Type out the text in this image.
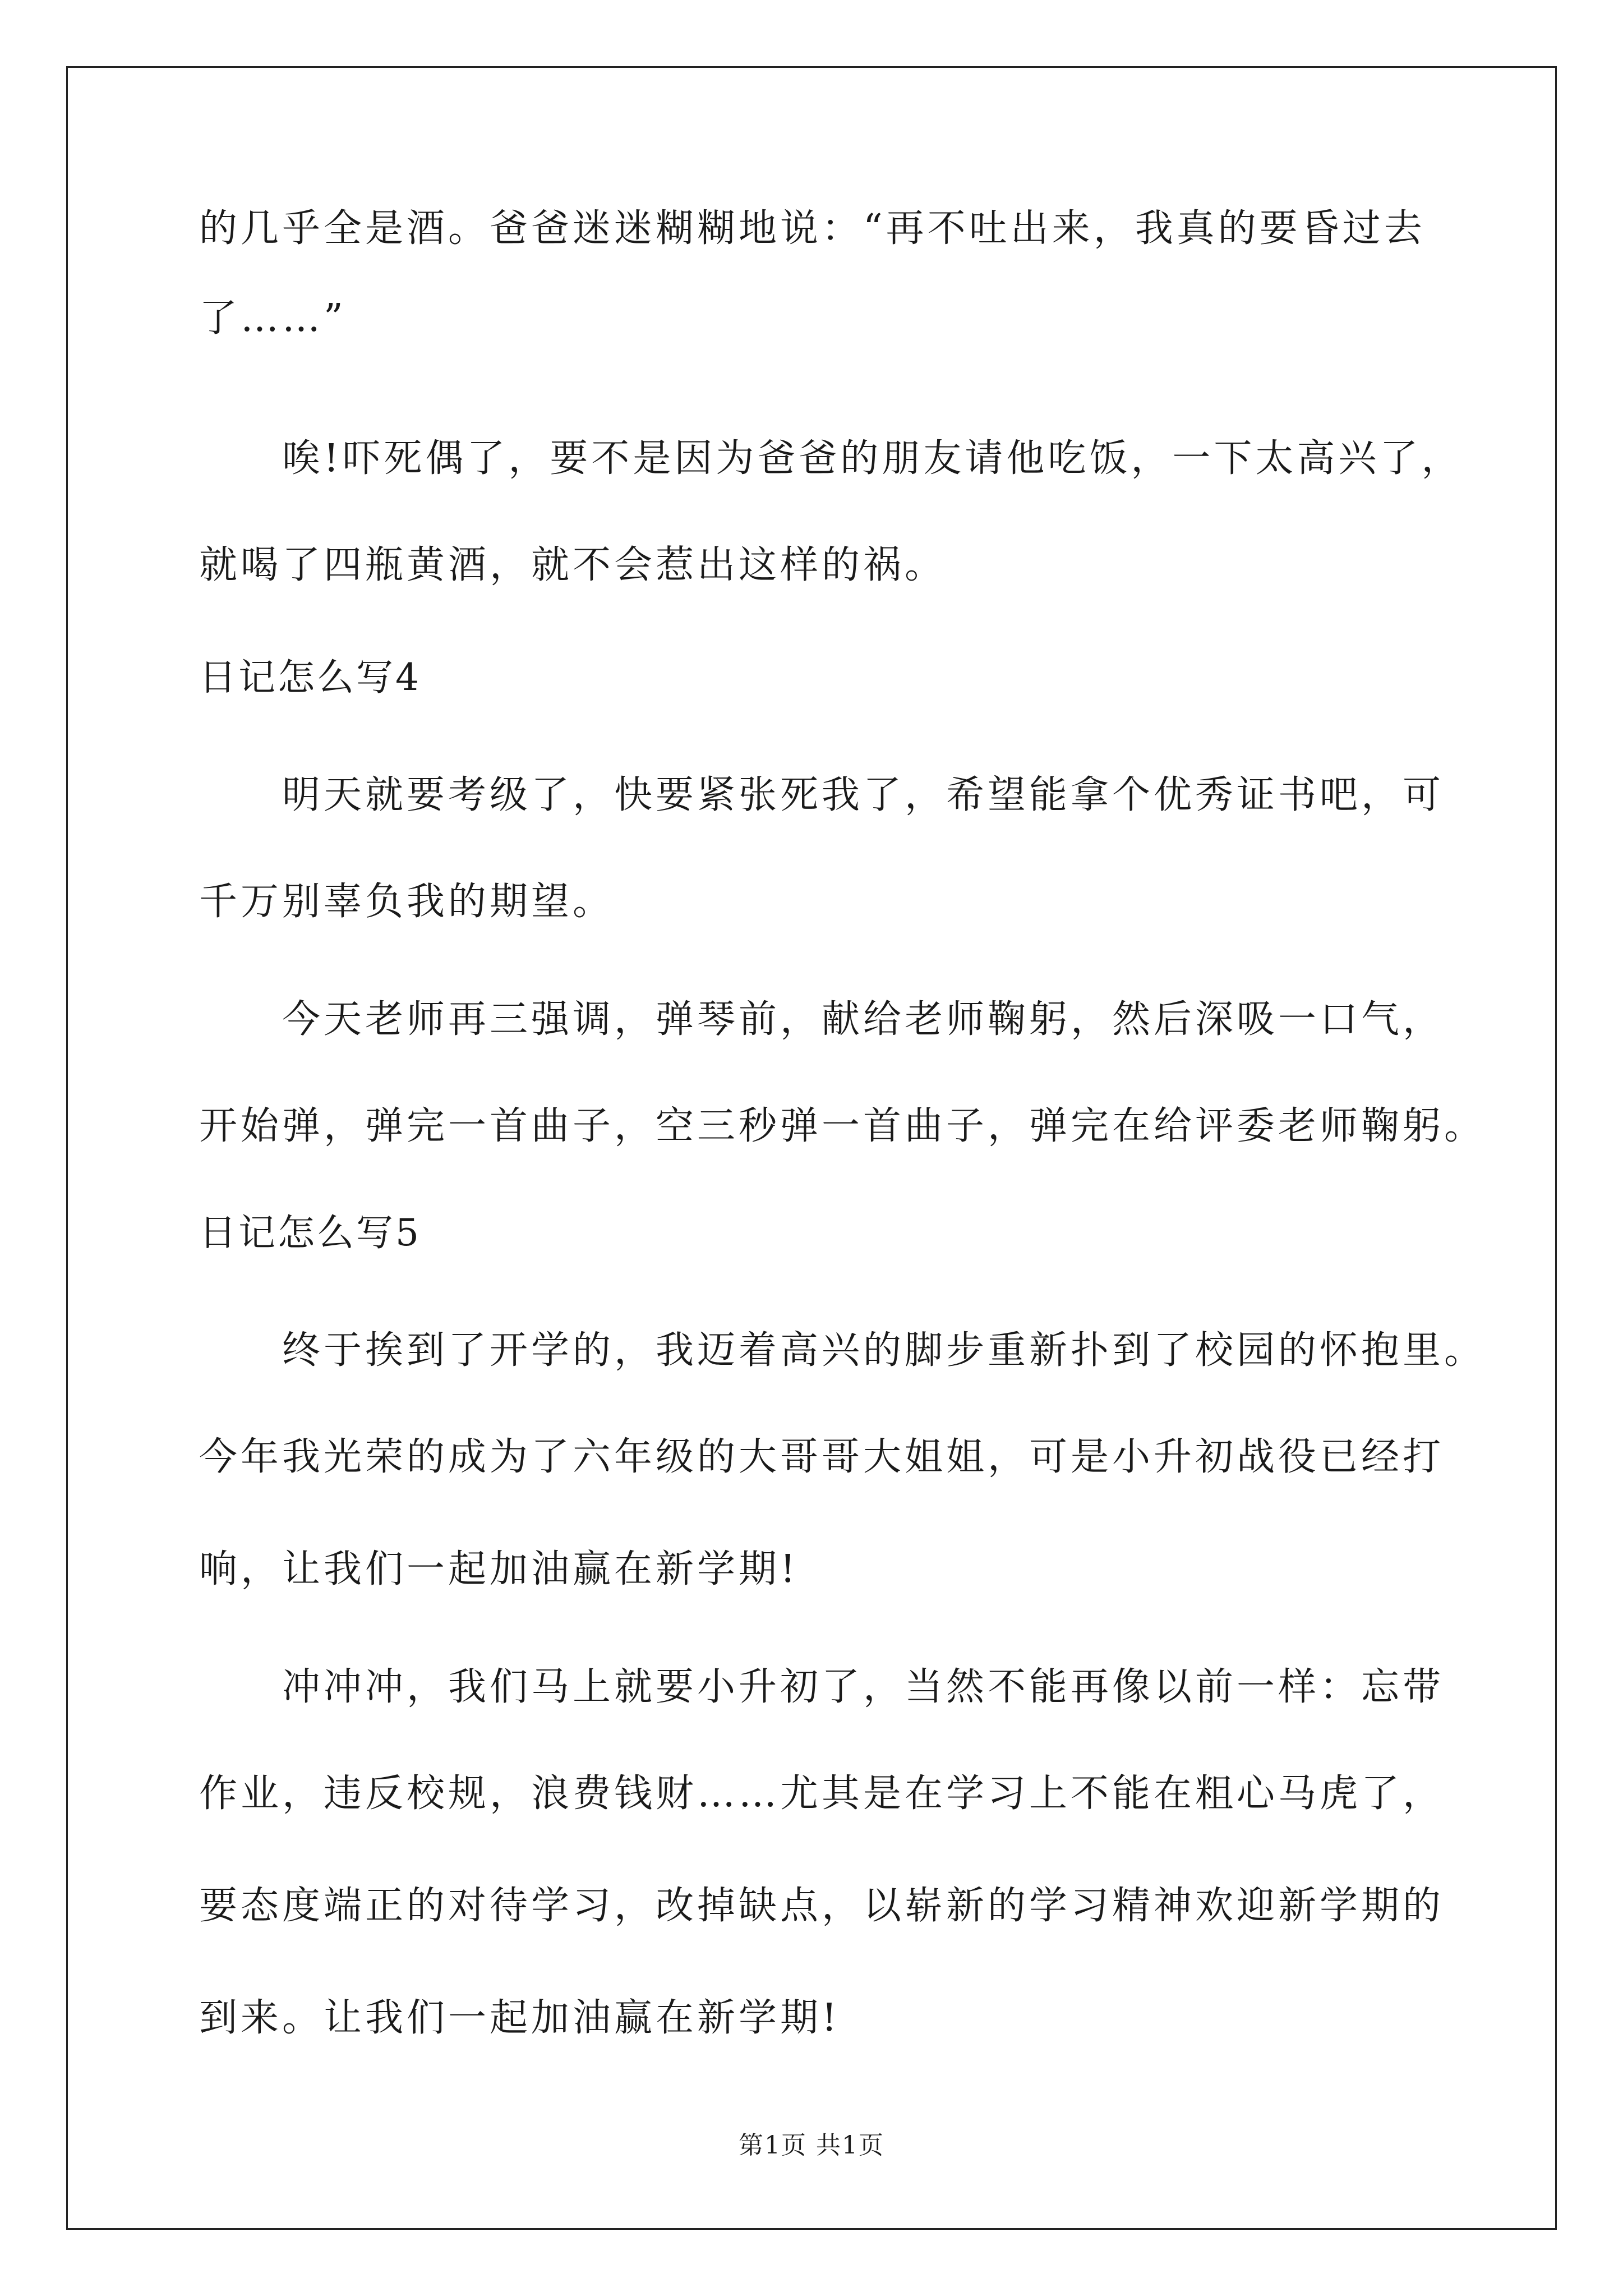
的几乎全是酒。爸爸迷迷糊糊地说：“再不吐出来，我真的要昏过去
了……”
唉!吓死偶了，要不是因为爸爸的朋友请他吃饭，一下太高兴了，
就喝了四瓶黄酒，就不会惹出这样的祸。
日记怎么写4
明天就要考级了，快要紧张死我了，希望能拿个优秀证书吧，可
千万别辜负我的期望。
今天老师再三强调，弹琴前，献给老师鞠躬，然后深吸一口气，
开始弹，弹完一首曲子，空三秒弹一首曲子，弹完在给评委老师鞠躬。
日记怎么写5
终于挨到了开学的，我迈着高兴的脚步重新扑到了校园的怀抱里。
今年我光荣的成为了六年级的大哥哥大姐姐，可是小升初战役已经打
响，让我们一起加油赢在新学期!
冲冲冲，我们马上就要小升初了，当然不能再像以前一样：忘带
作业，违反校规，浪费钱财……尤其是在学习上不能在粗心马虎了，
要态度端正的对待学习，改掉缺点，以崭新的学习精神欢迎新学期的
到来。让我们一起加油赢在新学期!
第1页 共1页
